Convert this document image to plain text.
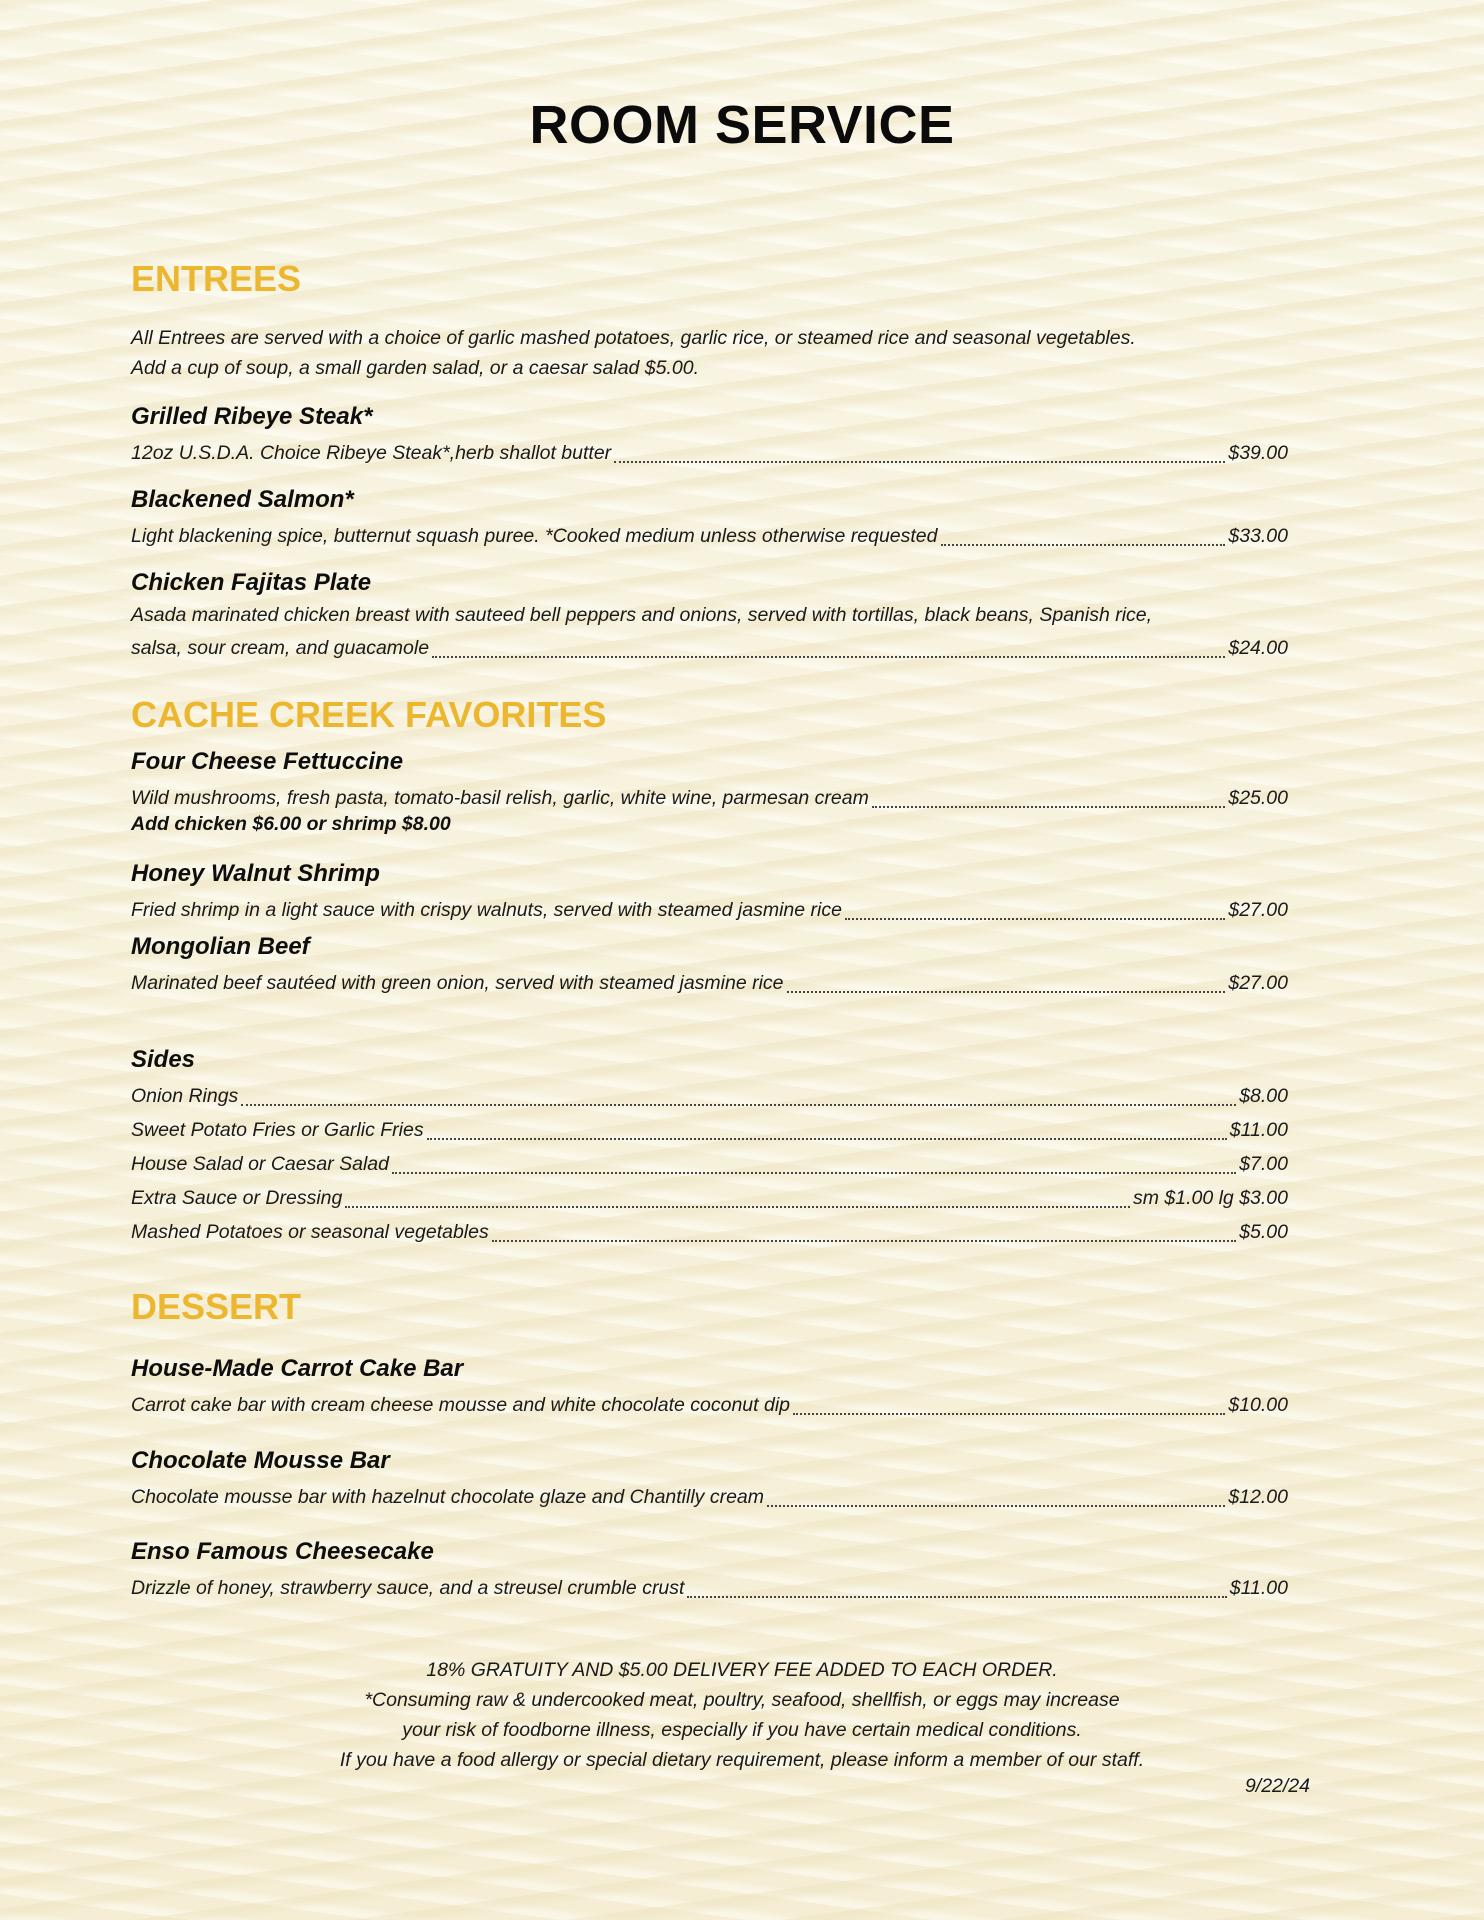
ROOM SERVICE
ENTREES
All Entrees are served with a choice of garlic mashed potatoes, garlic rice, or steamed rice and seasonal vegetables.
Add a cup of soup, a small garden salad, or a caesar salad $5.00.
Grilled Ribeye Steak*
12oz U.S.D.A. Choice Ribeye Steak*,herb shallot butter	$39.00
Blackened Salmon*
Light blackening spice, butternut squash puree. *Cooked medium unless otherwise requested	$33.00
Chicken Fajitas Plate
Asada marinated chicken breast with sauteed bell peppers and onions, served with tortillas, black beans, Spanish rice,
salsa, sour cream, and guacamole	$24.00
CACHE CREEK FAVORITES
Four Cheese Fettuccine
Wild mushrooms, fresh pasta, tomato-basil relish, garlic, white wine, parmesan cream	$25.00
Add chicken $6.00 or shrimp $8.00
Honey Walnut Shrimp
Fried shrimp in a light sauce with crispy walnuts, served with steamed jasmine rice	$27.00
Mongolian Beef
Marinated beef sautéed with green onion, served with steamed jasmine rice	$27.00
Sides
Onion Rings	$8.00
Sweet Potato Fries or Garlic Fries	$11.00
House Salad or Caesar Salad	$7.00
Extra Sauce or Dressing	sm $1.00 lg $3.00
Mashed Potatoes or seasonal vegetables	$5.00
DESSERT
House-Made Carrot Cake Bar
Carrot cake bar with cream cheese mousse and white chocolate coconut dip	$10.00
Chocolate Mousse Bar
Chocolate mousse bar with hazelnut chocolate glaze and Chantilly cream	$12.00
Enso Famous Cheesecake
Drizzle of honey, strawberry sauce, and a streusel crumble crust	$11.00
18% GRATUITY AND $5.00 DELIVERY FEE ADDED TO EACH ORDER.
*Consuming raw & undercooked meat, poultry, seafood, shellfish, or eggs may increase
your risk of foodborne illness, especially if you have certain medical conditions.
If you have a food allergy or special dietary requirement, please inform a member of our staff.
9/22/24
